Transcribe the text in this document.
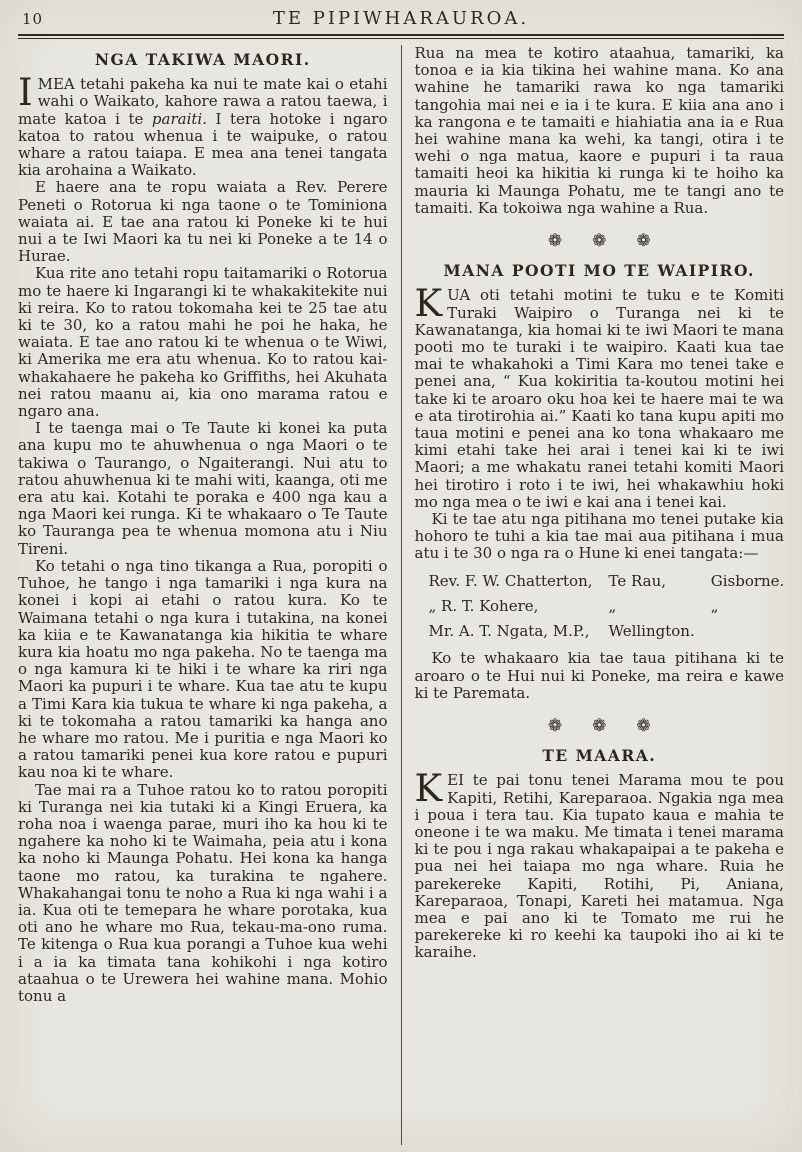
10	TE PIPIWHARAUROA.
NGA TAKIWA MAORI.

IMEA tetahi pakeha ka nui te mate kai o etahi wahi o Waikato, kahore rawa a ratou taewa, i mate katoa i te paraiti. I tera hotoke i ngaro katoa to ratou whenua i te waipuke, o ratou whare a ratou taiapa. E mea ana tenei tangata kia arohaina a Waikato.

E haere ana te ropu waiata a Rev. Perere Peneti o Rotorua ki nga taone o te Tominiona waiata ai. E tae ana ratou ki Poneke ki te hui nui a te Iwi Maori ka tu nei ki Poneke a te 14 o Hurae.

Kua rite ano tetahi ropu taitamariki o Rotorua mo te haere ki Ingarangi ki te whakakitekite nui ki reira. Ko to ratou tokomaha kei te 25 tae atu ki te 30, ko a ratou mahi he poi he haka, he waiata. E tae ano ratou ki te whenua o te Wiwi, ki Amerika me era atu whenua. Ko to ratou kai-whakahaere he pakeha ko Griffiths, hei Akuhata nei ratou maanu ai, kia ono marama ratou e ngaro ana.

I te taenga mai o Te Taute ki konei ka puta ana kupu mo te ahuwhenua o nga Maori o te takiwa o Taurango, o Ngaiterangi. Nui atu to ratou ahuwhenua ki te mahi witi, kaanga, oti me era atu kai. Kotahi te poraka e 400 nga kau a nga Maori kei runga. Ki te whakaaro o Te Taute ko Tauranga pea te whenua momona atu i Niu Tireni.

Ko tetahi o nga tino tikanga a Rua, poropiti o Tuhoe, he tango i nga tamariki i nga kura na konei i kopi ai etahi o ratou kura. Ko te Waimana tetahi o nga kura i tutakina, na konei ka kiia e te Kawanatanga kia hikitia te whare kura kia hoatu mo nga pakeha. No te taenga ma o nga kamura ki te hiki i te whare ka riri nga Maori ka pupuri i te whare. Kua tae atu te kupu a Timi Kara kia tukua te whare ki nga pakeha, a ki te tokomaha a ratou tamariki ka hanga ano he whare mo ratou. Me i puritia e nga Maori ko a ratou tamariki penei kua kore ratou e pupuri kau noa ki te whare.

Tae mai ra a Tuhoe ratou ko to ratou poropiti ki Turanga nei kia tutaki ki a Kingi Eruera, ka roha noa i waenga parae, muri iho ka hou ki te ngahere ka noho ki te Waimaha, peia atu i kona ka noho ki Maunga Pohatu. Hei kona ka hanga taone mo ratou, ka turakina te ngahere. Whakahangai tonu te noho a Rua ki nga wahi i a ia. Kua oti te temepara he whare porotaka, kua oti ano he whare mo Rua, tekau-ma-ono ruma. Te kitenga o Rua kua porangi a Tuhoe kua wehi i a ia ka timata tana kohikohi i nga kotiro ataahua o te Urewera hei wahine mana. Mohio tonu a

Rua na mea te kotiro ataahua, tamariki, ka tonoa e ia kia tikina hei wahine mana. Ko ana wahine he tamariki rawa ko nga tamariki tangohia mai nei e ia i te kura. E kiia ana ano i ka rangona e te tamaiti e hiahiatia ana ia e Rua hei wahine mana ka wehi, ka tangi, otira i te wehi o nga matua, kaore e pupuri i ta raua tamaiti heoi ka hikitia ki runga ki te hoiho ka mauria ki Maunga Pohatu, me te tangi ano te tamaiti. Ka tokoiwa nga wahine a Rua.

❁ ❁ ❁
MANA POOTI MO TE WAIPIRO.

KUA oti tetahi motini te tuku e te Komiti Turaki Waipiro o Turanga nei ki te Kawanatanga, kia homai ki te iwi Maori te mana pooti mo te turaki i te waipiro. Kaati kua tae mai te whakahoki a Timi Kara mo tenei take e penei ana, “ Kua kokiritia ta-koutou motini hei take ki te aroaro oku hoa kei te haere mai te wa e ata tirotirohia ai.” Kaati ko tana kupu apiti mo taua motini e penei ana ko tona whakaaro me kimi etahi take hei arai i tenei kai ki te iwi Maori; a me whakatu ranei tetahi komiti Maori hei tirotiro i roto i te iwi, hei whakawhiu hoki mo nga mea o te iwi e kai ana i tenei kai.

Ki te tae atu nga pitihana mo tenei putake kia hohoro te tuhi a kia tae mai aua pitihana i mua atu i te 30 o nga ra o Hune ki enei tangata:—

Rev. F. W. Chatterton, Te Rau,	Gisborne.
„ R. T. Kohere,	„	„
Mr. A. T. Ngata, M.P., Wellington.

Ko te whakaaro kia tae taua pitihana ki te aroaro o te Hui nui ki Poneke, ma reira e kawe ki te Paremata.

❁ ❁ ❁
TE MAARA.

KEI te pai tonu tenei Marama mou te pou Kapiti, Retihi, Kareparaoa. Ngakia nga mea i poua i tera tau. Kia tupato kaua e mahia te oneone i te wa maku. Me timata i tenei marama ki te pou i nga rakau whakapaipai a te pakeha e pua nei hei taiapa mo nga whare. Ruia he parekereke Kapiti, Rotihi, Pi, Aniana, Kareparaoa, Tonapi, Kareti hei matamua. Nga mea e pai ano ki te Tomato me rui he parekereke ki ro keehi ka taupoki iho ai ki te karaihe.
